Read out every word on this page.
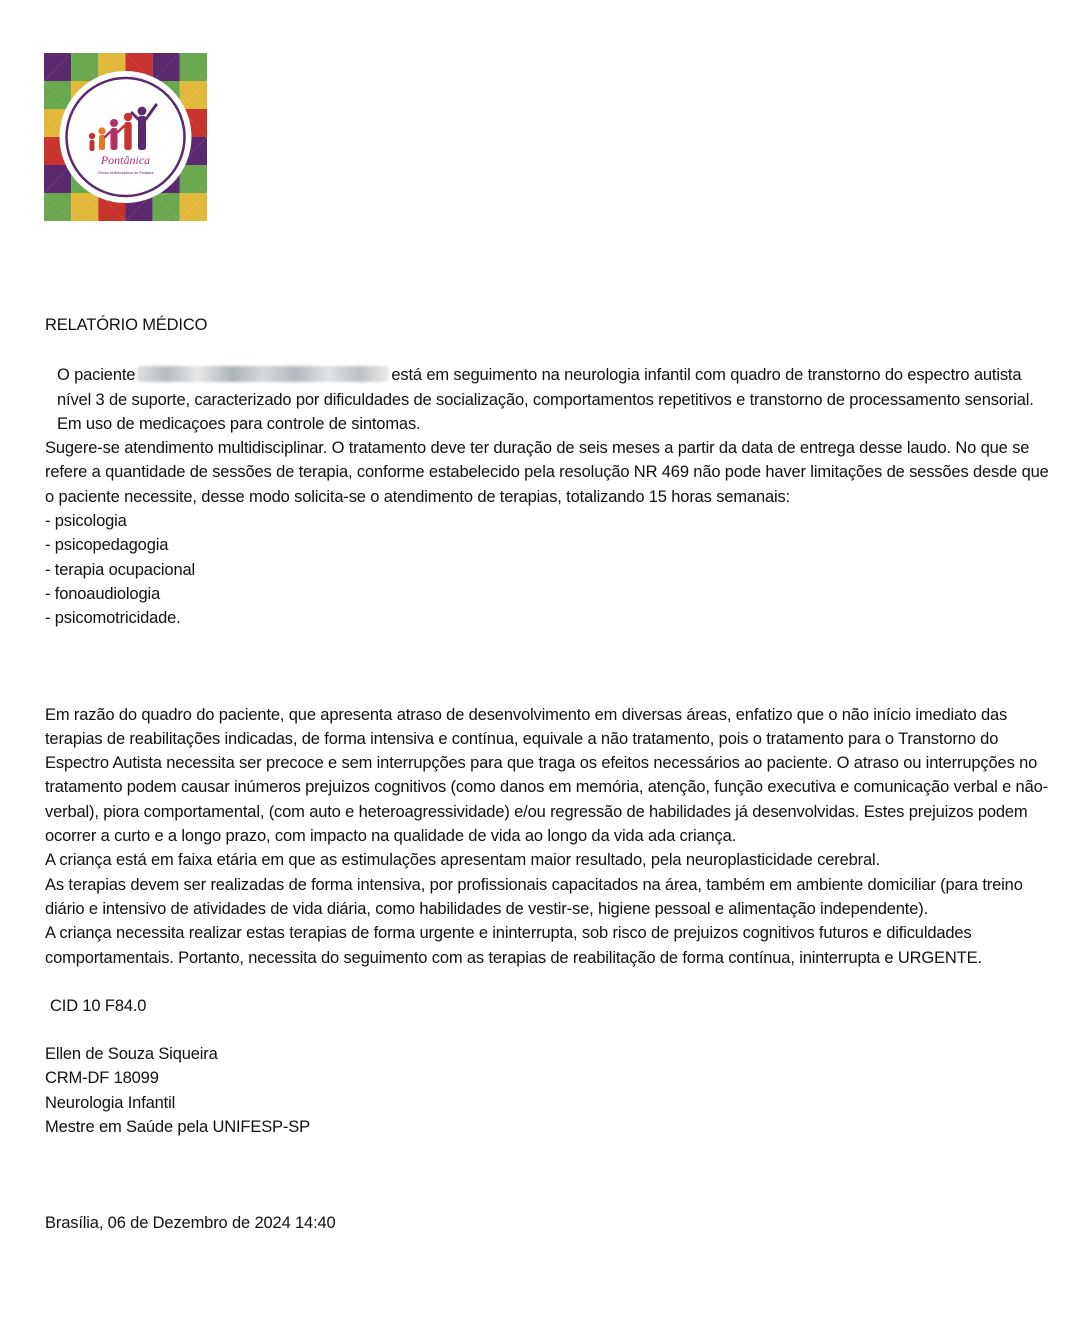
Pontânica
Clínica Multidisciplinar de Pediatria

RELATÓRIO MÉDICO

O paciente	está em seguimento na neurologia infantil com quadro de transtorno do espectro autista nível 3 de suporte, caracterizado por dificuldades de socialização, comportamentos repetitivos e transtorno de processamento sensorial. Em uso de medicaçoes para controle de sintomas.

Sugere-se atendimento multidisciplinar. O tratamento deve ter duração de seis meses a partir da data de entrega desse laudo. No que se refere a quantidade de sessões de terapia, conforme estabelecido pela resolução NR 469 não pode haver limitações de sessões desde que o paciente necessite, desse modo solicita-se o atendimento de terapias, totalizando 15 horas semanais:

- psicologia

- psicopedagogia

- terapia ocupacional

- fonoaudiologia

- psicomotricidade.

Em razão do quadro do paciente, que apresenta atraso de desenvolvimento em diversas áreas, enfatizo que o não início imediato das terapias de reabilitações indicadas, de forma intensiva e contínua, equivale a não tratamento, pois o tratamento para o Transtorno do Espectro Autista necessita ser precoce e sem interrupções para que traga os efeitos necessários ao paciente. O atraso ou interrupções no tratamento podem causar inúmeros prejuizos cognitivos (como danos em memória, atenção, função executiva e comunicação verbal e não-verbal), piora comportamental, (com auto e heteroagressividade) e/ou regressão de habilidades já desenvolvidas. Estes prejuizos podem ocorrer a curto e a longo prazo, com impacto na qualidade de vida ao longo da vida ada criança.

A criança está em faixa etária em que as estimulações apresentam maior resultado, pela neuroplasticidade cerebral.

As terapias devem ser realizadas de forma intensiva, por profissionais capacitados na área, também em ambiente domiciliar (para treino diário e intensivo de atividades de vida diária, como habilidades de vestir-se, higiene pessoal e alimentação independente).

A criança necessita realizar estas terapias de forma urgente e ininterrupta, sob risco de prejuizos cognitivos futuros e dificuldades comportamentais. Portanto, necessita do seguimento com as terapias de reabilitação de forma contínua, ininterrupta e URGENTE.

CID 10 F84.0

Ellen de Souza Siqueira

CRM-DF 18099

Neurologia Infantil

Mestre em Saúde pela UNIFESP-SP

Brasília, 06 de Dezembro de 2024 14:40
